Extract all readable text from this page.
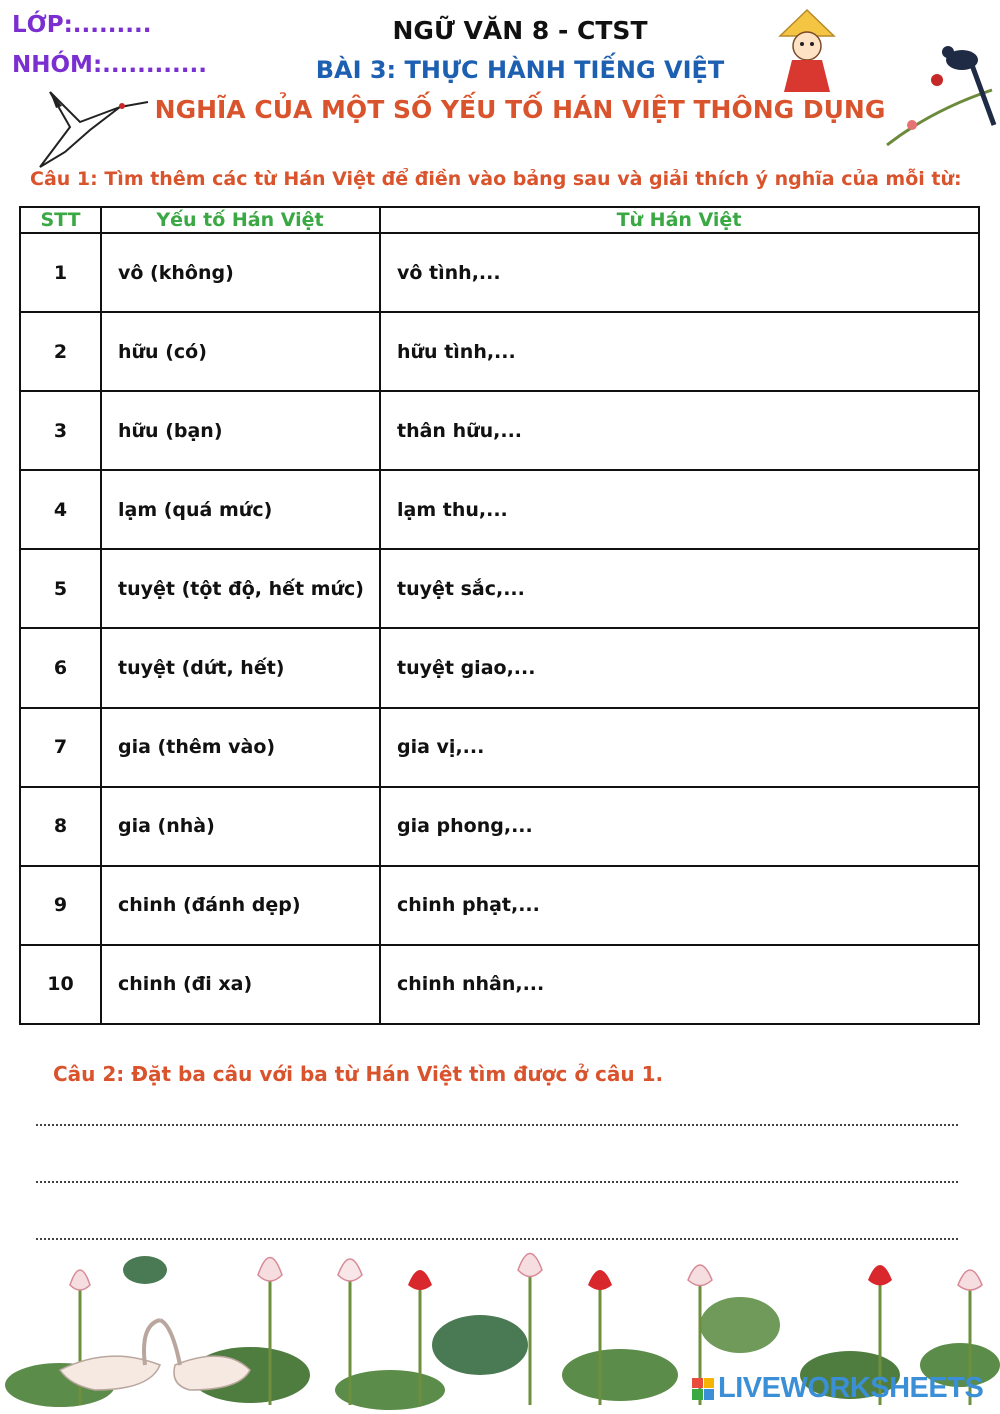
LỚP:.........
NHÓM:............
NGỮ VĂN 8 - CTST
BÀI 3: THỰC HÀNH TIẾNG VIỆT
NGHĨA CỦA MỘT SỐ YẾU TỐ HÁN VIỆT THÔNG DỤNG
Câu 1: Tìm thêm các từ Hán Việt để điền vào bảng sau và giải thích ý nghĩa của mỗi từ:
STT	Yếu tố Hán Việt	Từ Hán Việt
1	vô (không)	vô tình,...
2	hữu (có)	hữu tình,...
3	hữu (bạn)	thân hữu,...
4	lạm (quá mức)	lạm thu,...
5	tuyệt (tột độ, hết mức)	tuyệt sắc,...
6	tuyệt (dứt, hết)	tuyệt giao,...
7	gia (thêm vào)	gia vị,...
8	gia (nhà)	gia phong,...
9	chinh (đánh dẹp)	chinh phạt,...
10	chinh (đi xa)	chinh nhân,...
Câu 2: Đặt ba câu với ba từ Hán Việt tìm được ở câu 1.
LIVEWORKSHEETS
